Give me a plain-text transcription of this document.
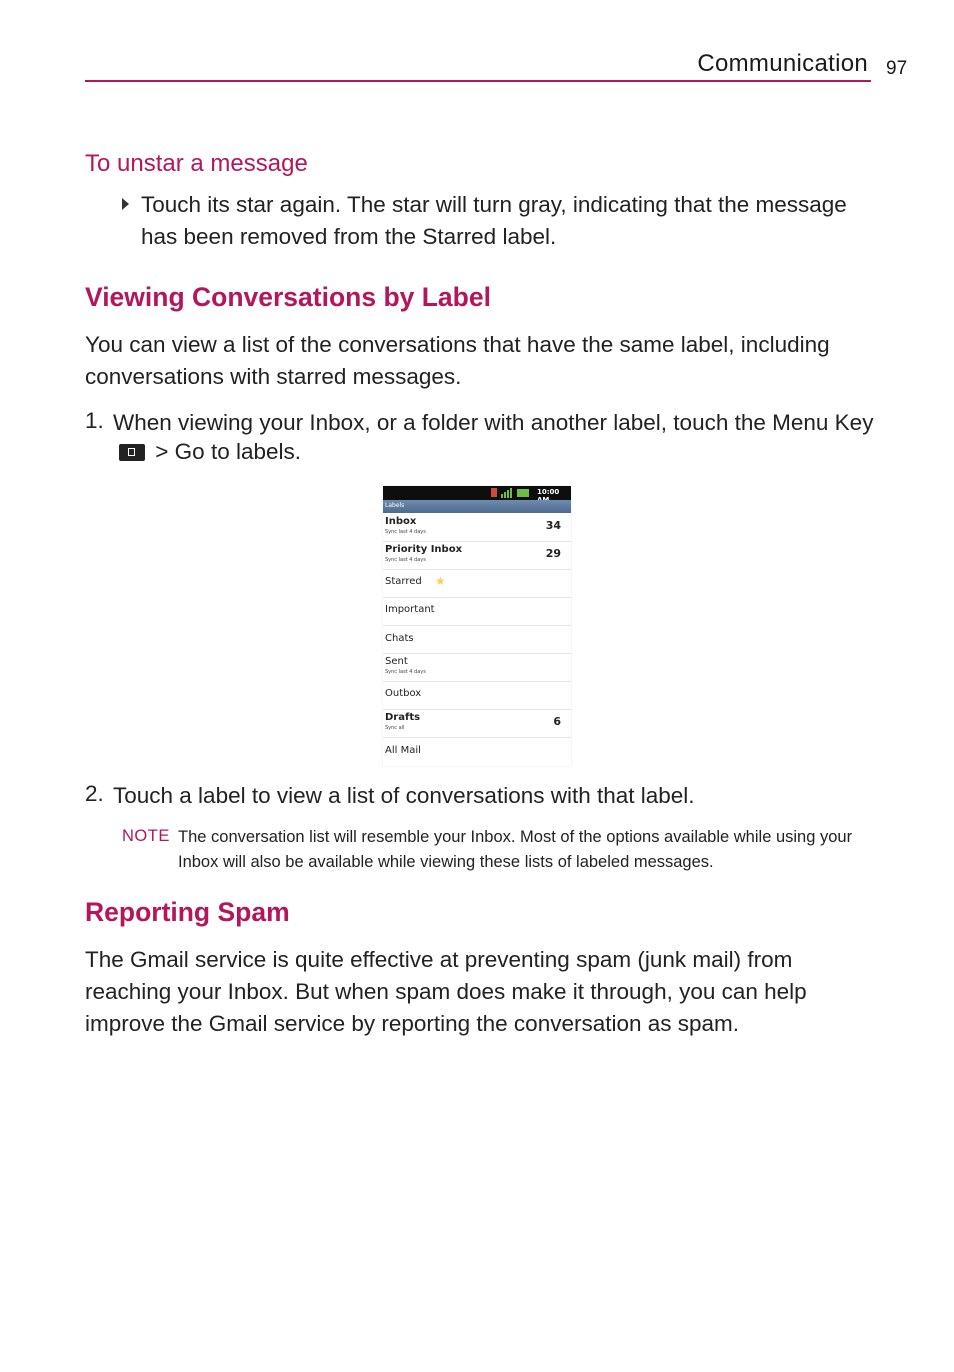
Communication 97
To unstar a message
Touch its star again. The star will turn gray, indicating that the message has been removed from the Starred label.
Viewing Conversations by Label
You can view a list of the conversations that have the same label, including conversations with starred messages.
1. When viewing your Inbox, or a folder with another label, touch the Menu Key > Go to labels.
10:00
Labels
Inbox
Sync last 4 days	34
Priority Inbox
Sync last 4 days	29
Starred ★
Important
Chats
Sent
Sync last 4 days
Outbox
Drafts
Sync all	6
All Mail
2. Touch a label to view a list of conversations with that label.
NOTE The conversation list will resemble your Inbox. Most of the options available while using your Inbox will also be available while viewing these lists of labeled messages.
Reporting Spam
The Gmail service is quite effective at preventing spam (junk mail) from reaching your Inbox. But when spam does make it through, you can help improve the Gmail service by reporting the conversation as spam.
